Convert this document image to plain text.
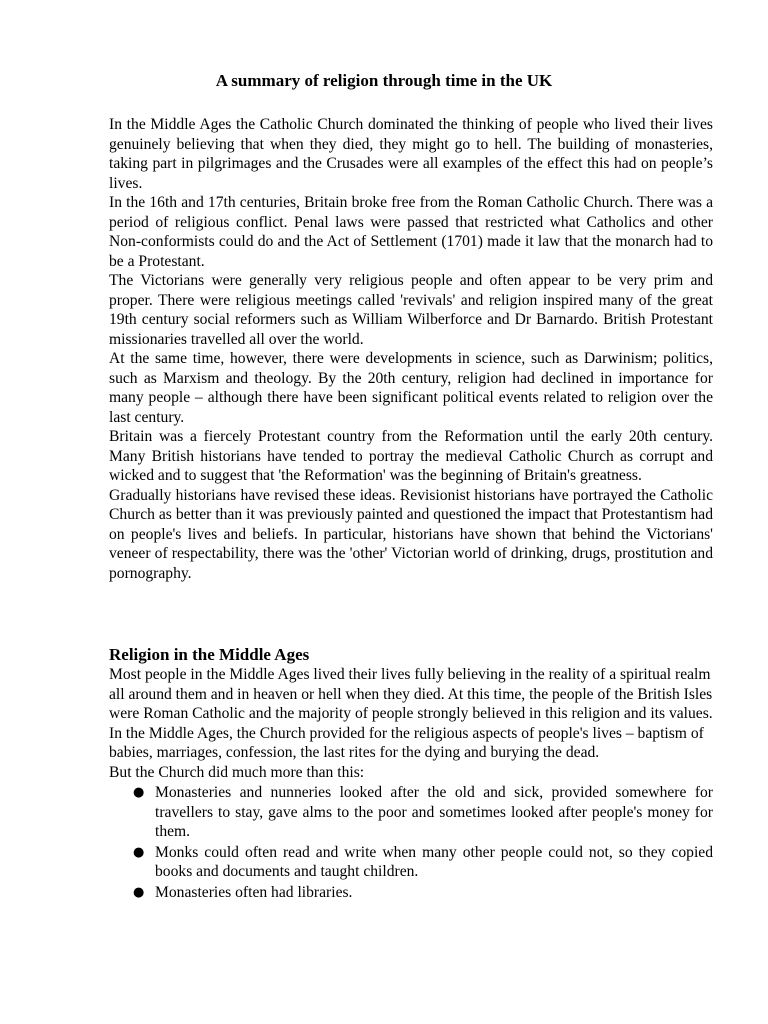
A summary of religion through time in the UK

In the Middle Ages the Catholic Church dominated the thinking of people who lived their lives genuinely believing that when they died, they might go to hell. The building of monasteries, taking part in pilgrimages and the Crusades were all examples of the effect this had on people’s lives.

In the 16th and 17th centuries, Britain broke free from the Roman Catholic Church. There was a period of religious conflict. Penal laws were passed that restricted what Catholics and other Non-conformists could do and the Act of Settlement (1701) made it law that the monarch had to be a Protestant.

The Victorians were generally very religious people and often appear to be very prim and proper. There were religious meetings called 'revivals' and religion inspired many of the great 19th century social reformers such as William Wilberforce and Dr Barnardo. British Protestant missionaries travelled all over the world.

At the same time, however, there were developments in science, such as Darwinism; politics, such as Marxism and theology. By the 20th century, religion had declined in importance for many people – although there have been significant political events related to religion over the last century.

Britain was a fiercely Protestant country from the Reformation until the early 20th century. Many British historians have tended to portray the medieval Catholic Church as corrupt and wicked and to suggest that 'the Reformation' was the beginning of Britain's greatness.

Gradually historians have revised these ideas. Revisionist historians have portrayed the Catholic Church as better than it was previously painted and questioned the impact that Protestantism had on people's lives and beliefs. In particular, historians have shown that behind the Victorians' veneer of respectability, there was the 'other' Victorian world of drinking, drugs, prostitution and pornography.

Religion in the Middle Ages

Most people in the Middle Ages lived their lives fully believing in the reality of a spiritual realm all around them and in heaven or hell when they died. At this time, the people of the British Isles were Roman Catholic and the majority of people strongly believed in this religion and its values.

In the Middle Ages, the Church provided for the religious aspects of people's lives – baptism of babies, marriages, confession, the last rites for the dying and burying the dead.

But the Church did much more than this:

● Monasteries and nunneries looked after the old and sick, provided somewhere for travellers to stay, gave alms to the poor and sometimes looked after people's money for them.
● Monks could often read and write when many other people could not, so they copied books and documents and taught children.
● Monasteries often had libraries.
